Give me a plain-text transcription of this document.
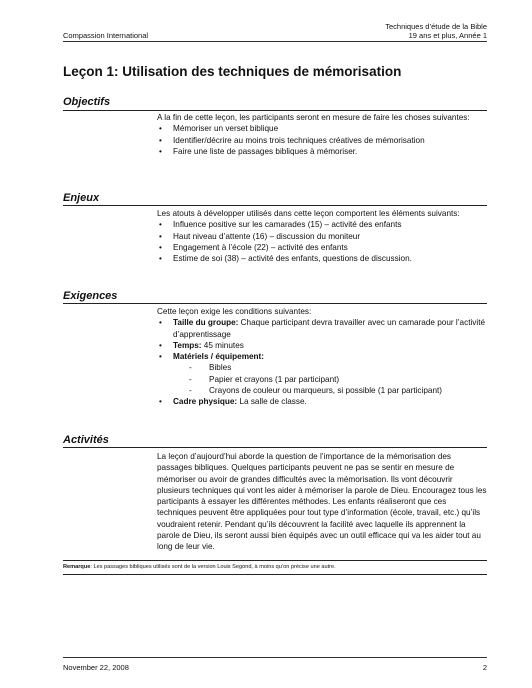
Compassion International
Techniques d’étude de la Bible
19 ans et plus, Année 1
Leçon 1: Utilisation des techniques de mémorisation
Objectifs

A la fin de cette leçon, les participants seront en mesure de faire les choses suivantes:

• Mémoriser un verset biblique
• Identifier/décrire au moins trois techniques créatives de mémorisation
• Faire une liste de passages bibliques à mémoriser.
Enjeux

Les atouts à développer utilisés dans cette leçon comportent les éléments suivants:

• Influence positive sur les camarades (15) – activité des enfants
• Haut niveau d’attente (16) – discussion du moniteur
• Engagement à l’école (22) – activité des enfants
• Estime de soi (38) – activité des enfants, questions de discussion.
Exigences

Cette leçon exige les conditions suivantes:

• Taille du groupe: Chaque participant devra travailler avec un camarade pour l’activité d’apprentissage
• Temps: 45 minutes
• Matériels / équipement:
- Bibles
- Papier et crayons (1 par participant)
- Crayons de couleur ou marqueurs, si possible (1 par participant)
• Cadre physique: La salle de classe.
Activités

La leçon d’aujourd’hui aborde la question de l’importance de la mémorisation des passages bibliques. Quelques participants peuvent ne pas se sentir en mesure de mémoriser ou avoir de grandes difficultés avec la mémorisation. Ils vont découvrir plusieurs techniques qui vont les aider à mémoriser la parole de Dieu. Encouragez tous les participants à essayer les différentes méthodes. Les enfants réaliseront que ces techniques peuvent être appliquées pour tout type d’information (école, travail, etc.) qu’ils voudraient retenir. Pendant qu’ils découvrent la facilité avec laquelle ils apprennent la parole de Dieu, ils seront aussi bien équipés avec un outil efficace qui va les aider tout au long de leur vie.

Remarque: Les passages bibliques utilisés sont de la version Louis Segond, à moins qu’on précise une autre.
November 22, 2008	2
